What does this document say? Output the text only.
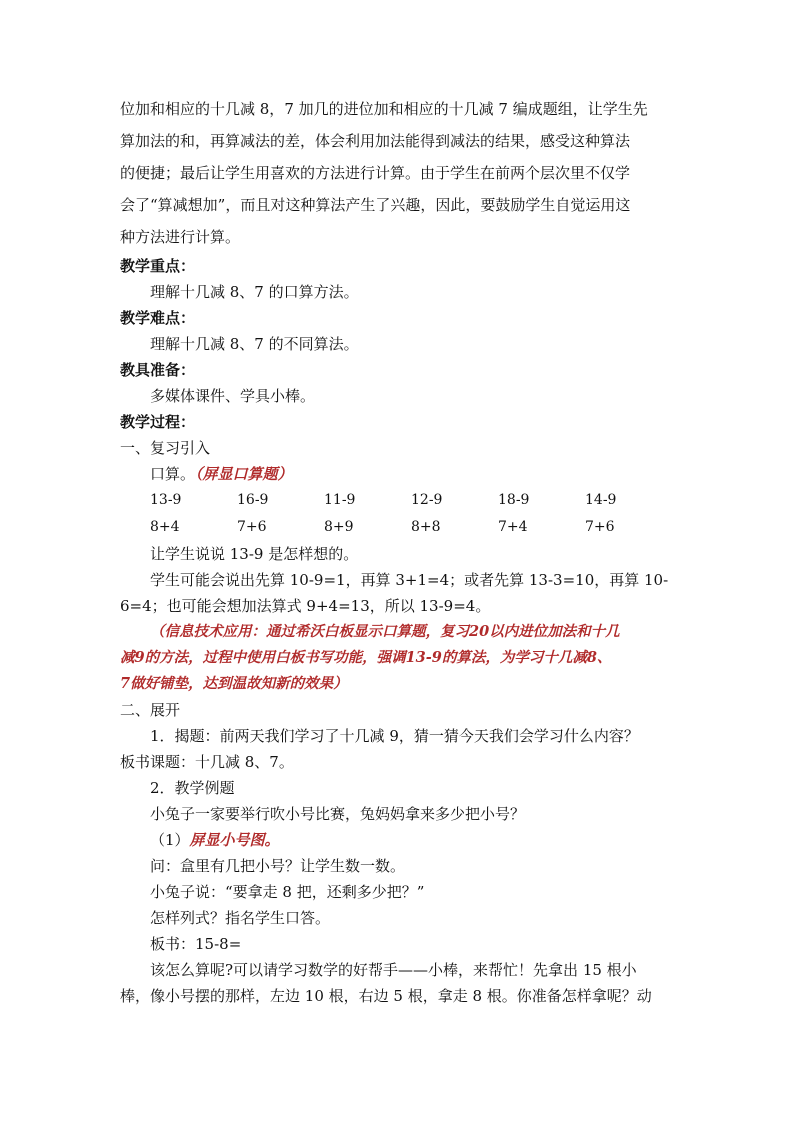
位加和相应的十几减 8，7 加几的进位加和相应的十几减 7 编成题组，让学生先
算加法的和，再算减法的差，体会利用加法能得到减法的结果，感受这种算法
的便捷；最后让学生用喜欢的方法进行计算。由于学生在前两个层次里不仅学
会了“算减想加”，而且对这种算法产生了兴趣，因此，要鼓励学生自觉运用这
种方法进行计算。
教学重点：
理解十几减 8、7 的口算方法。
教学难点：
理解十几减 8、7 的不同算法。
教具准备：
多媒体课件、学具小棒。
教学过程：
一、复习引入
口算。（屏显口算题）
13-9	16-9	11-9	12-9	18-9	14-9
8+4	7+6	8+9	8+8	7+4	7+6
让学生说说 13-9 是怎样想的。
学生可能会说出先算 10-9=1，再算 3+1=4；或者先算 13-3=10，再算 10-
6=4；也可能会想加法算式 9+4=13，所以 13-9=4。
（信息技术应用：通过希沃白板显示口算题，复习20以内进位加法和十几
减9的方法，过程中使用白板书写功能，强调13-9的算法，为学习十几减8、
7做好铺垫，达到温故知新的效果）
二、展开
1．揭题：前两天我们学习了十几减 9，猜一猜今天我们会学习什么内容？
板书课题：十几减 8、7。
2．教学例题
小兔子一家要举行吹小号比赛，兔妈妈拿来多少把小号？
（1）屏显小号图。
问：盒里有几把小号？让学生数一数。
小兔子说：“要拿走 8 把，还剩多少把？”
怎样列式？指名学生口答。
板书：15-8=
该怎么算呢?可以请学习数学的好帮手——小棒，来帮忙！先拿出 15 根小
棒，像小号摆的那样，左边 10 根，右边 5 根，拿走 8 根。你准备怎样拿呢？动
